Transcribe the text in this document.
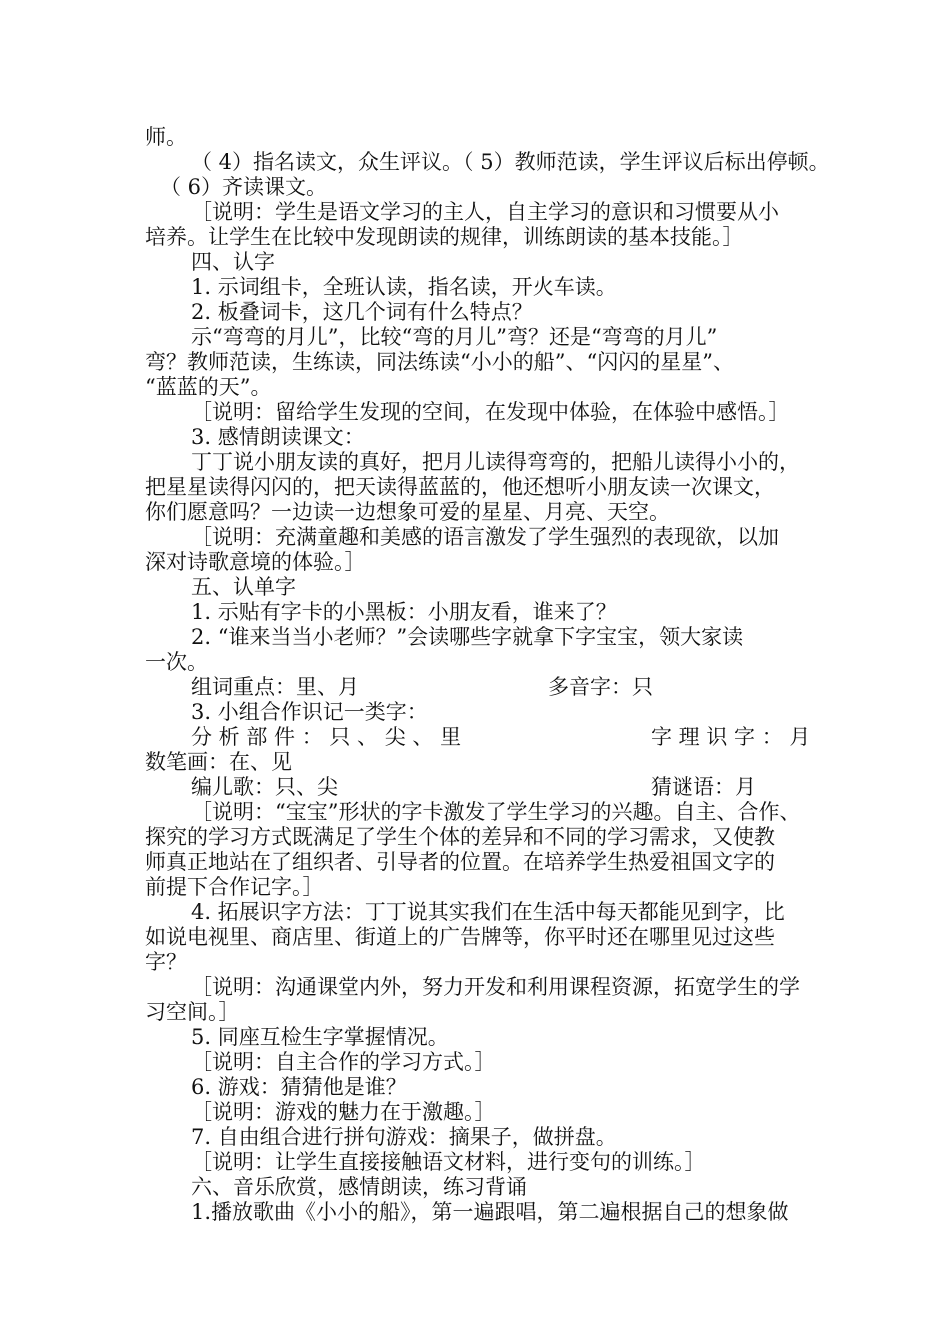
师。
（ 4）指名读文，众生评议。（ 5）教师范读，学生评议后标出停顿。
（ 6）齐读课文。
［说明：学生是语文学习的主人，自主学习的意识和习惯要从小
培养。让学生在比较中发现朗读的规律，训练朗读的基本技能。］
四、认字
1. 示词组卡，全班认读，指名读，开火车读。
2. 板叠词卡，这几个词有什么特点？
示“弯弯的月儿”，比较“弯的月儿”弯？还是“弯弯的月儿”
弯？教师范读，生练读，同法练读“小小的船”、“闪闪的星星”、
“蓝蓝的天”。
［说明：留给学生发现的空间，在发现中体验，在体验中感悟。］
3. 感情朗读课文：
丁丁说小朋友读的真好，把月儿读得弯弯的，把船儿读得小小的，
把星星读得闪闪的，把天读得蓝蓝的，他还想听小朋友读一次课文，
你们愿意吗？一边读一边想象可爱的星星、月亮、天空。
［说明：充满童趣和美感的语言激发了学生强烈的表现欲，以加
深对诗歌意境的体验。］
五、认单字
1. 示贴有字卡的小黑板：小朋友看，谁来了？
2. “谁来当当小老师？”会读哪些字就拿下字宝宝，领大家读
一次。
组词重点：里、月	多音字：只
3. 小组合作识记一类字：
分 析 部 件 ： 只 、 尖 、 里	字 理 识 字 ： 月
数笔画：在、见
编儿歌：只、尖	猜谜语：月
［说明：“宝宝”形状的字卡激发了学生学习的兴趣。自主、合作、
探究的学习方式既满足了学生个体的差异和不同的学习需求，又使教
师真正地站在了组织者、引导者的位置。在培养学生热爱祖国文字的
前提下合作记字。］
4. 拓展识字方法：丁丁说其实我们在生活中每天都能见到字，比
如说电视里、商店里、街道上的广告牌等，你平时还在哪里见过这些
字？
［说明：沟通课堂内外，努力开发和利用课程资源，拓宽学生的学
习空间。］
5. 同座互检生字掌握情况。
［说明：自主合作的学习方式。］
6. 游戏：猜猜他是谁？
［说明：游戏的魅力在于激趣。］
7. 自由组合进行拼句游戏：摘果子，做拼盘。
［说明：让学生直接接触语文材料，进行变句的训练。］
六、音乐欣赏，感情朗读，练习背诵
1.播放歌曲《小小的船》，第一遍跟唱，第二遍根据自己的想象做
